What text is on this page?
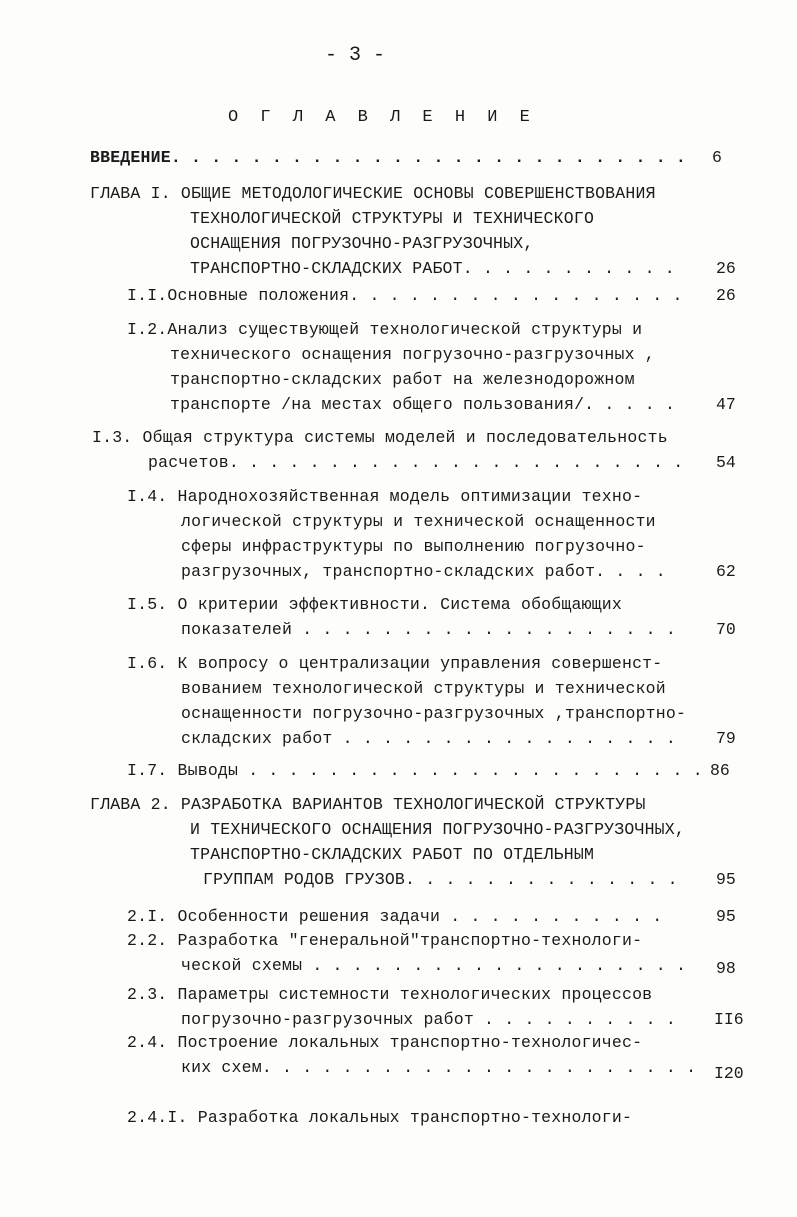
- 3 -
О Г Л А В Л Е Н И Е
ВВЕДЕНИЕ. . . . . . . . . . . . . . . . . . . . . . . . . . 6
ГЛАВА I. ОБЩИЕ МЕТОДОЛОГИЧЕСКИЕ ОСНОВЫ СОВЕРШЕНСТВОВАНИЯ
ТЕХНОЛОГИЧЕСКОЙ СТРУКТУРЫ И ТЕХНИЧЕСКОГО
ОСНАЩЕНИЯ ПОГРУЗОЧНО-РАЗГРУЗОЧНЫХ,
ТРАНСПОРТНО-СКЛАДСКИХ РАБОТ. . . . . . . . . . . 26
I.I.Основные положения. . . . . . . . . . . . . . . . . 26
I.2.Анализ существующей технологической структуры и
технического оснащения погрузочно-разгрузочных ,
транспортно-складских работ на железнодорожном
транспорте /на местах общего пользования/. . . . . 47
I.3. Общая структура системы моделей и последовательность
расчетов. . . . . . . . . . . . . . . . . . . . . . . 54
I.4. Народнохозяйственная модель оптимизации техно-
логической структуры и технической оснащенности
сферы инфраструктуры по выполнению погрузочно-
разгрузочных, транспортно-складских работ. . . .	62
I.5. О критерии эффективности. Система обобщающих
показателей . . . . . . . . . . . . . . . . . . . 70
I.6. К вопросу о централизации управления совершенст-
вованием технологической структуры и технической
оснащенности погрузочно-разгрузочных ,транспортно-
складских работ . . . . . . . . . . . . . . . . . 79
I.7. Выводы . . . . . . . . . . . . . . . . . . . . . . . 86
ГЛАВА 2. РАЗРАБОТКА ВАРИАНТОВ ТЕХНОЛОГИЧЕСКОЙ СТРУКТУРЫ
И ТЕХНИЧЕСКОГО ОСНАЩЕНИЯ ПОГРУЗОЧНО-РАЗГРУЗОЧНЫХ,
ТРАНСПОРТНО-СКЛАДСКИХ РАБОТ ПО ОТДЕЛЬНЫМ
ГРУППАМ РОДОВ ГРУЗОВ. . . . . . . . . . . . . . 95
2.I. Особенности решения задачи . . . . . . . . . . .	95
2.2. Разработка "генеральной"транспортно-технологи-
ческой схемы . . . . . . . . . . . . . . . . . . . 98
2.3. Параметры системности технологических процессов
погрузочно-разгрузочных работ . . . . . . . . . . II6
2.4. Построение локальных транспортно-технологичес-
ких схем. . . . . . . . . . . . . . . . . . . . . . I20
2.4.I. Разработка локальных транспортно-технологи-
